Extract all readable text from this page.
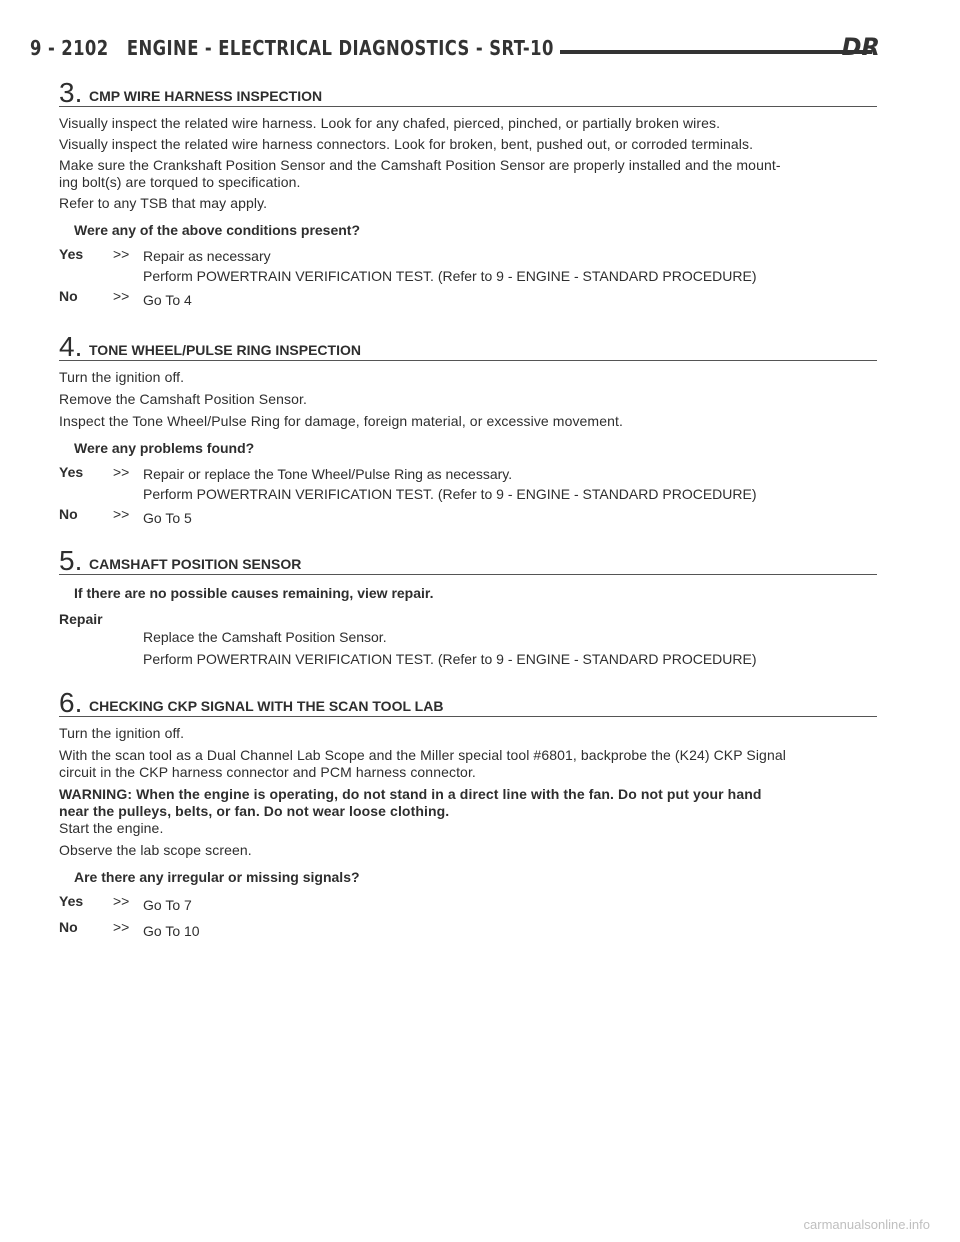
9 - 2102 ENGINE - ELECTRICAL DIAGNOSTICS - SRT-10	DR
3. CMP WIRE HARNESS INSPECTION

Visually inspect the related wire harness. Look for any chafed, pierced, pinched, or partially broken wires.

Visually inspect the related wire harness connectors. Look for broken, bent, pushed out, or corroded terminals.

Make sure the Crankshaft Position Sensor and the Camshaft Position Sensor are properly installed and the mount-

ing bolt(s) are torqued to specification.

Refer to any TSB that may apply.

Were any of the above conditions present?

Yes >> Repair as necessary

Perform POWERTRAIN VERIFICATION TEST. (Refer to 9 - ENGINE - STANDARD PROCEDURE)

No	>> Go To 4

4. TONE WHEEL/PULSE RING INSPECTION

Turn the ignition off.

Remove the Camshaft Position Sensor.

Inspect the Tone Wheel/Pulse Ring for damage, foreign material, or excessive movement.

Were any problems found?

Yes >> Repair or replace the Tone Wheel/Pulse Ring as necessary.

Perform POWERTRAIN VERIFICATION TEST. (Refer to 9 - ENGINE - STANDARD PROCEDURE)

No	>> Go To 5

5. CAMSHAFT POSITION SENSOR

If there are no possible causes remaining, view repair.

Repair

Replace the Camshaft Position Sensor.

Perform POWERTRAIN VERIFICATION TEST. (Refer to 9 - ENGINE - STANDARD PROCEDURE)

6. CHECKING CKP SIGNAL WITH THE SCAN TOOL LAB

Turn the ignition off.

With the scan tool as a Dual Channel Lab Scope and the Miller special tool #6801, backprobe the (K24) CKP Signal

circuit in the CKP harness connector and PCM harness connector.

WARNING: When the engine is operating, do not stand in a direct line with the fan. Do not put your hand

near the pulleys, belts, or fan. Do not wear loose clothing.

Start the engine.

Observe the lab scope screen.

Are there any irregular or missing signals?

Yes >> Go To 7

No	>> Go To 10

carmanualsonline.info
